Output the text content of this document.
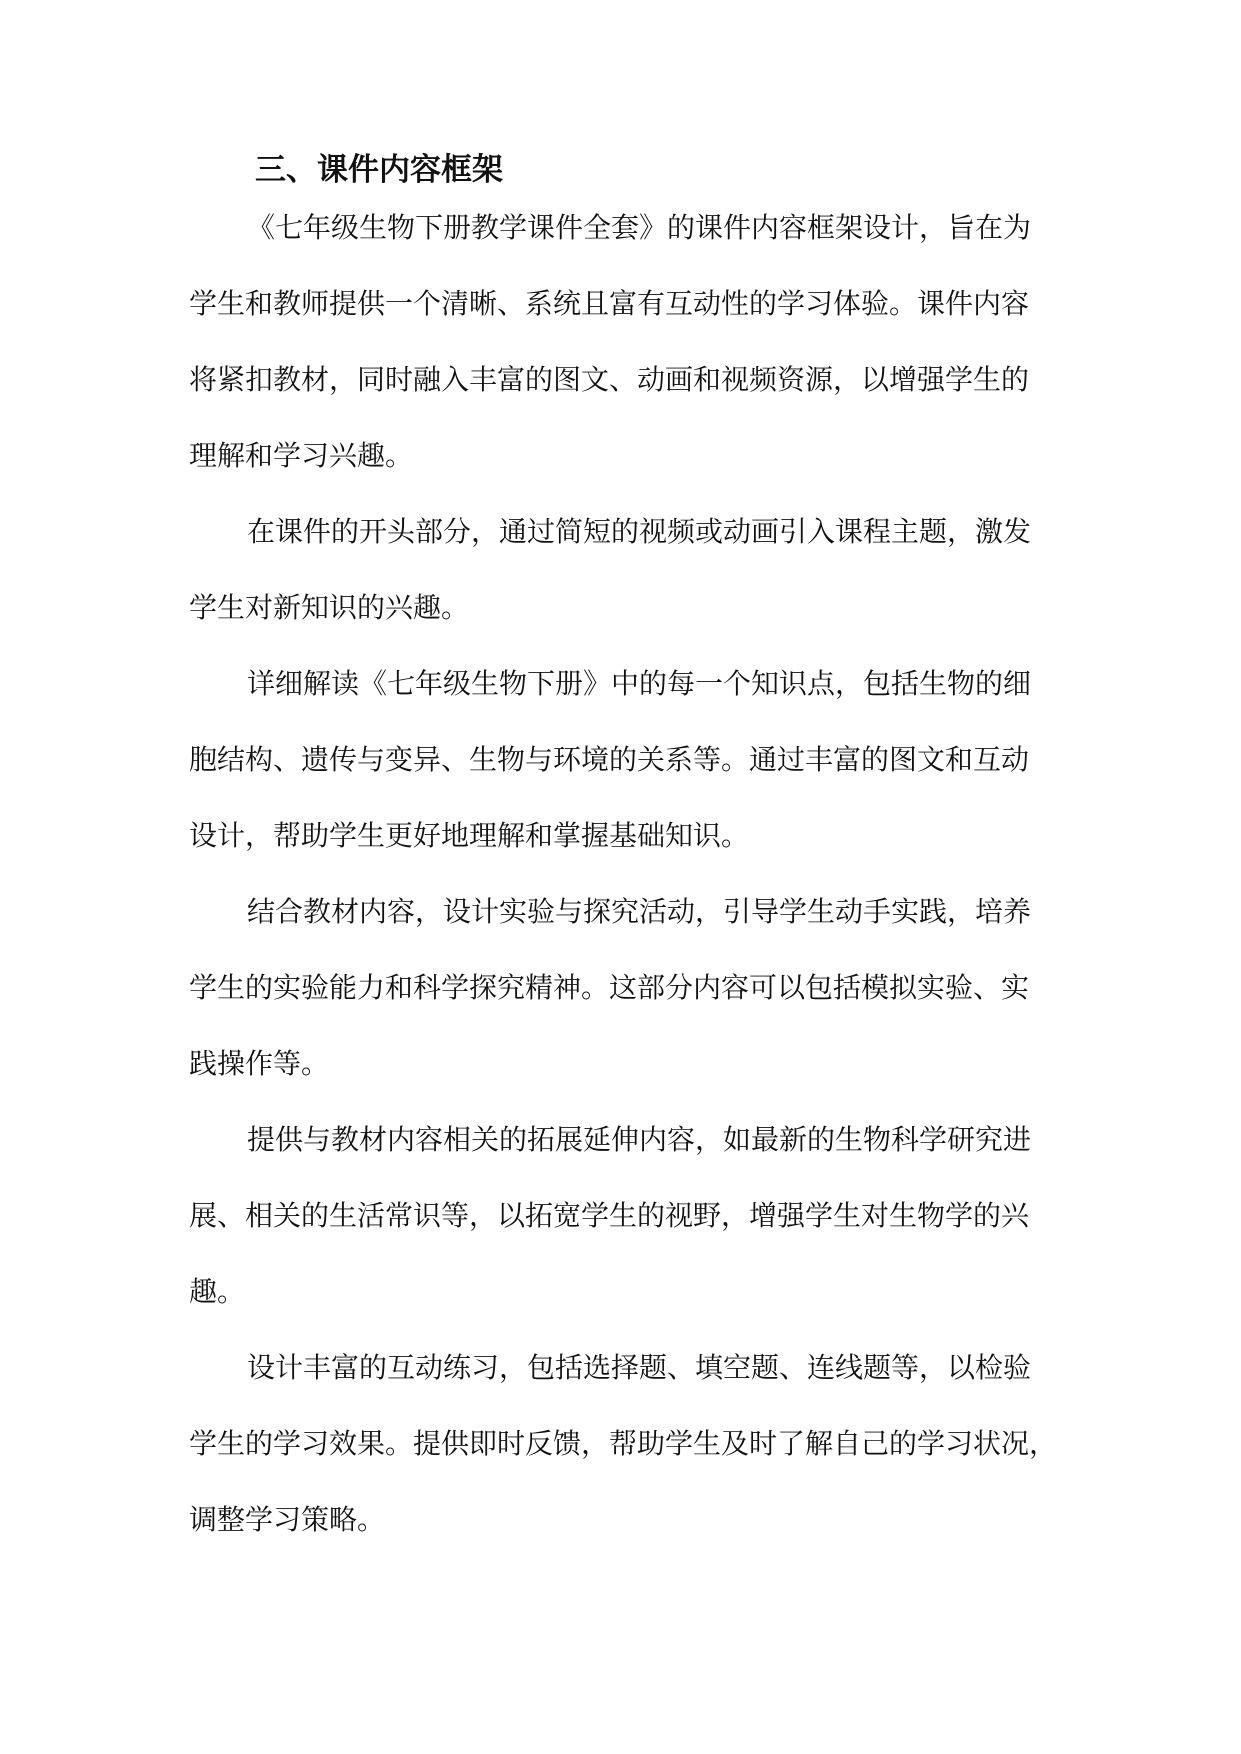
三、课件内容框架
《七年级生物下册教学课件全套》的课件内容框架设计，旨在为
学生和教师提供一个清晰、系统且富有互动性的学习体验。课件内容
将紧扣教材，同时融入丰富的图文、动画和视频资源，以增强学生的
理解和学习兴趣。
在课件的开头部分，通过简短的视频或动画引入课程主题，激发
学生对新知识的兴趣。
详细解读《七年级生物下册》中的每一个知识点，包括生物的细
胞结构、遗传与变异、生物与环境的关系等。通过丰富的图文和互动
设计，帮助学生更好地理解和掌握基础知识。
结合教材内容，设计实验与探究活动，引导学生动手实践，培养
学生的实验能力和科学探究精神。这部分内容可以包括模拟实验、实
践操作等。
提供与教材内容相关的拓展延伸内容，如最新的生物科学研究进
展、相关的生活常识等，以拓宽学生的视野，增强学生对生物学的兴
趣。
设计丰富的互动练习，包括选择题、填空题、连线题等，以检验
学生的学习效果。提供即时反馈，帮助学生及时了解自己的学习状况，
调整学习策略。
